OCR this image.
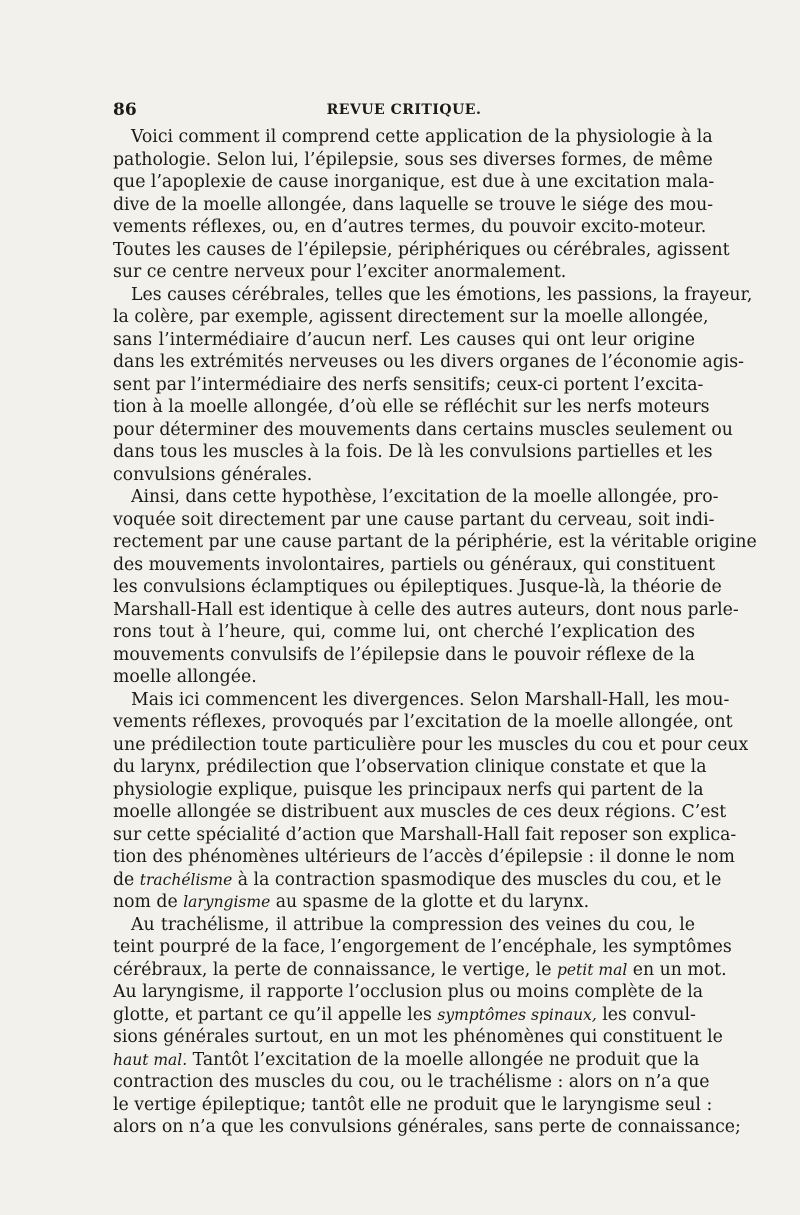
86	REVUE CRITIQUE.
Voici comment il comprend cette application de la physiologie à la
pathologie. Selon lui, l’épilepsie, sous ses diverses formes, de même
que l’apoplexie de cause inorganique, est due à une excitation mala-
dive de la moelle allongée, dans laquelle se trouve le siége des mou-
vements réflexes, ou, en d’autres termes, du pouvoir excito-moteur.
Toutes les causes de l’épilepsie, périphériques ou cérébrales, agissent
sur ce centre nerveux pour l’exciter anormalement.
Les causes cérébrales, telles que les émotions, les passions, la frayeur,
la colère, par exemple, agissent directement sur la moelle allongée,
sans l’intermédiaire d’aucun nerf. Les causes qui ont leur origine
dans les extrémités nerveuses ou les divers organes de l’économie agis-
sent par l’intermédiaire des nerfs sensitifs; ceux-ci portent l’excita-
tion à la moelle allongée, d’où elle se réfléchit sur les nerfs moteurs
pour déterminer des mouvements dans certains muscles seulement ou
dans tous les muscles à la fois. De là les convulsions partielles et les
convulsions générales.
Ainsi, dans cette hypothèse, l’excitation de la moelle allongée, pro-
voquée soit directement par une cause partant du cerveau, soit indi-
rectement par une cause partant de la périphérie, est la véritable origine
des mouvements involontaires, partiels ou généraux, qui constituent
les convulsions éclamptiques ou épileptiques. Jusque-là, la théorie de
Marshall-Hall est identique à celle des autres auteurs, dont nous parle-
rons tout à l’heure, qui, comme lui, ont cherché l’explication des
mouvements convulsifs de l’épilepsie dans le pouvoir réflexe de la
moelle allongée.
Mais ici commencent les divergences. Selon Marshall-Hall, les mou-
vements réflexes, provoqués par l’excitation de la moelle allongée, ont
une prédilection toute particulière pour les muscles du cou et pour ceux
du larynx, prédilection que l’observation clinique constate et que la
physiologie explique, puisque les principaux nerfs qui partent de la
moelle allongée se distribuent aux muscles de ces deux régions. C’est
sur cette spécialité d’action que Marshall-Hall fait reposer son explica-
tion des phénomènes ultérieurs de l’accès d’épilepsie : il donne le nom
de trachélisme à la contraction spasmodique des muscles du cou, et le
nom de laryngisme au spasme de la glotte et du larynx.
Au trachélisme, il attribue la compression des veines du cou, le
teint pourpré de la face, l’engorgement de l’encéphale, les symptômes
cérébraux, la perte de connaissance, le vertige, le petit mal en un mot.
Au laryngisme, il rapporte l’occlusion plus ou moins complète de la
glotte, et partant ce qu’il appelle les symptômes spinaux, les convul-
sions générales surtout, en un mot les phénomènes qui constituent le
haut mal. Tantôt l’excitation de la moelle allongée ne produit que la
contraction des muscles du cou, ou le trachélisme : alors on n’a que
le vertige épileptique; tantôt elle ne produit que le laryngisme seul :
alors on n’a que les convulsions générales, sans perte de connaissance;
